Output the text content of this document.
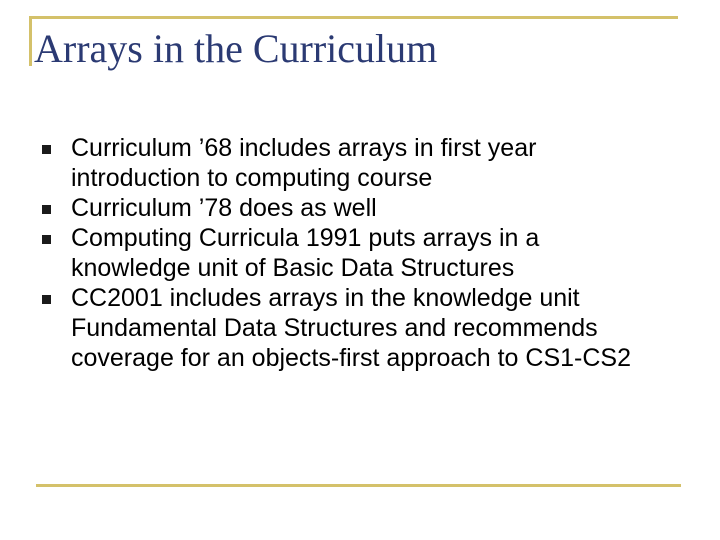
Arrays in the Curriculum
Curriculum ’68 includes arrays in first year introduction to computing course
Curriculum ’78 does as well
Computing Curricula 1991 puts arrays in a knowledge unit of Basic Data Structures
CC2001 includes arrays in the knowledge unit Fundamental Data Structures and recommends coverage for an objects-first approach to CS1-CS2
